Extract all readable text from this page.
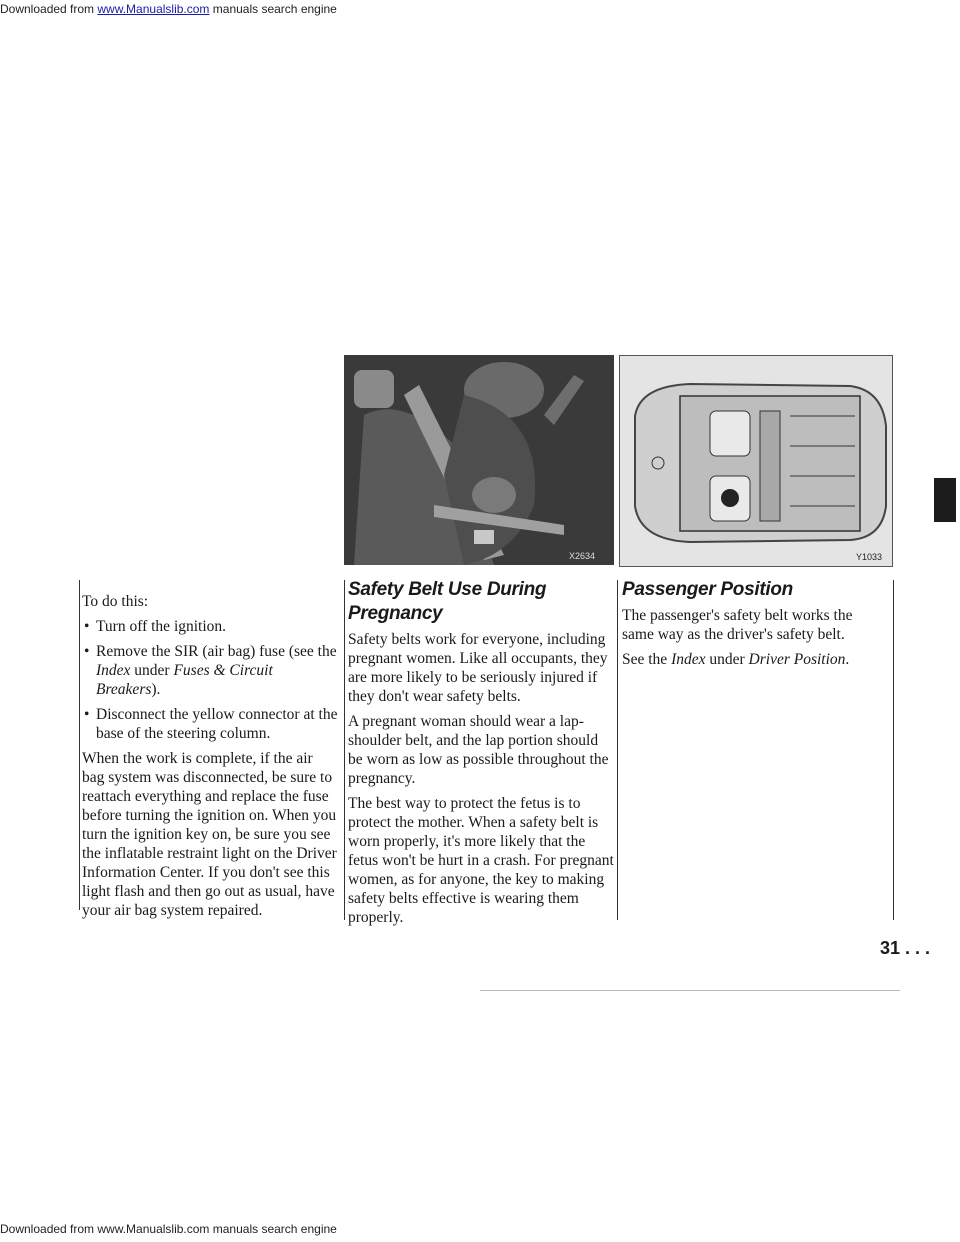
Downloaded from www.Manualslib.com manuals search engine
X2634	Y1033

To do this:

• Turn off the ignition.
• Remove the SIR (air bag) fuse (see the Index under Fuses & Circuit Breakers).
• Disconnect the yellow connector at the base of the steering column.

When the work is complete, if the air bag system was disconnected, be sure to reattach everything and replace the fuse before turning the ignition on. When you turn the ignition key on, be sure you see the inflatable restraint light on the Driver Information Center. If you don't see this light flash and then go out as usual, have your air bag system repaired.

Safety Belt Use During Pregnancy

Safety belts work for everyone, including pregnant women. Like all occupants, they are more likely to be seriously injured if they don't wear safety belts.

A pregnant woman should wear a lap-shoulder belt, and the lap portion should be worn as low as possible throughout the pregnancy.

The best way to protect the fetus is to protect the mother. When a safety belt is worn properly, it's more likely that the fetus won't be hurt in a crash. For pregnant women, as for anyone, the key to making safety belts effective is wearing them properly.

Passenger Position

The passenger's safety belt works the same way as the driver's safety belt.

See the Index under Driver Position.

31 . . .
Downloaded from www.Manualslib.com manuals search engine
